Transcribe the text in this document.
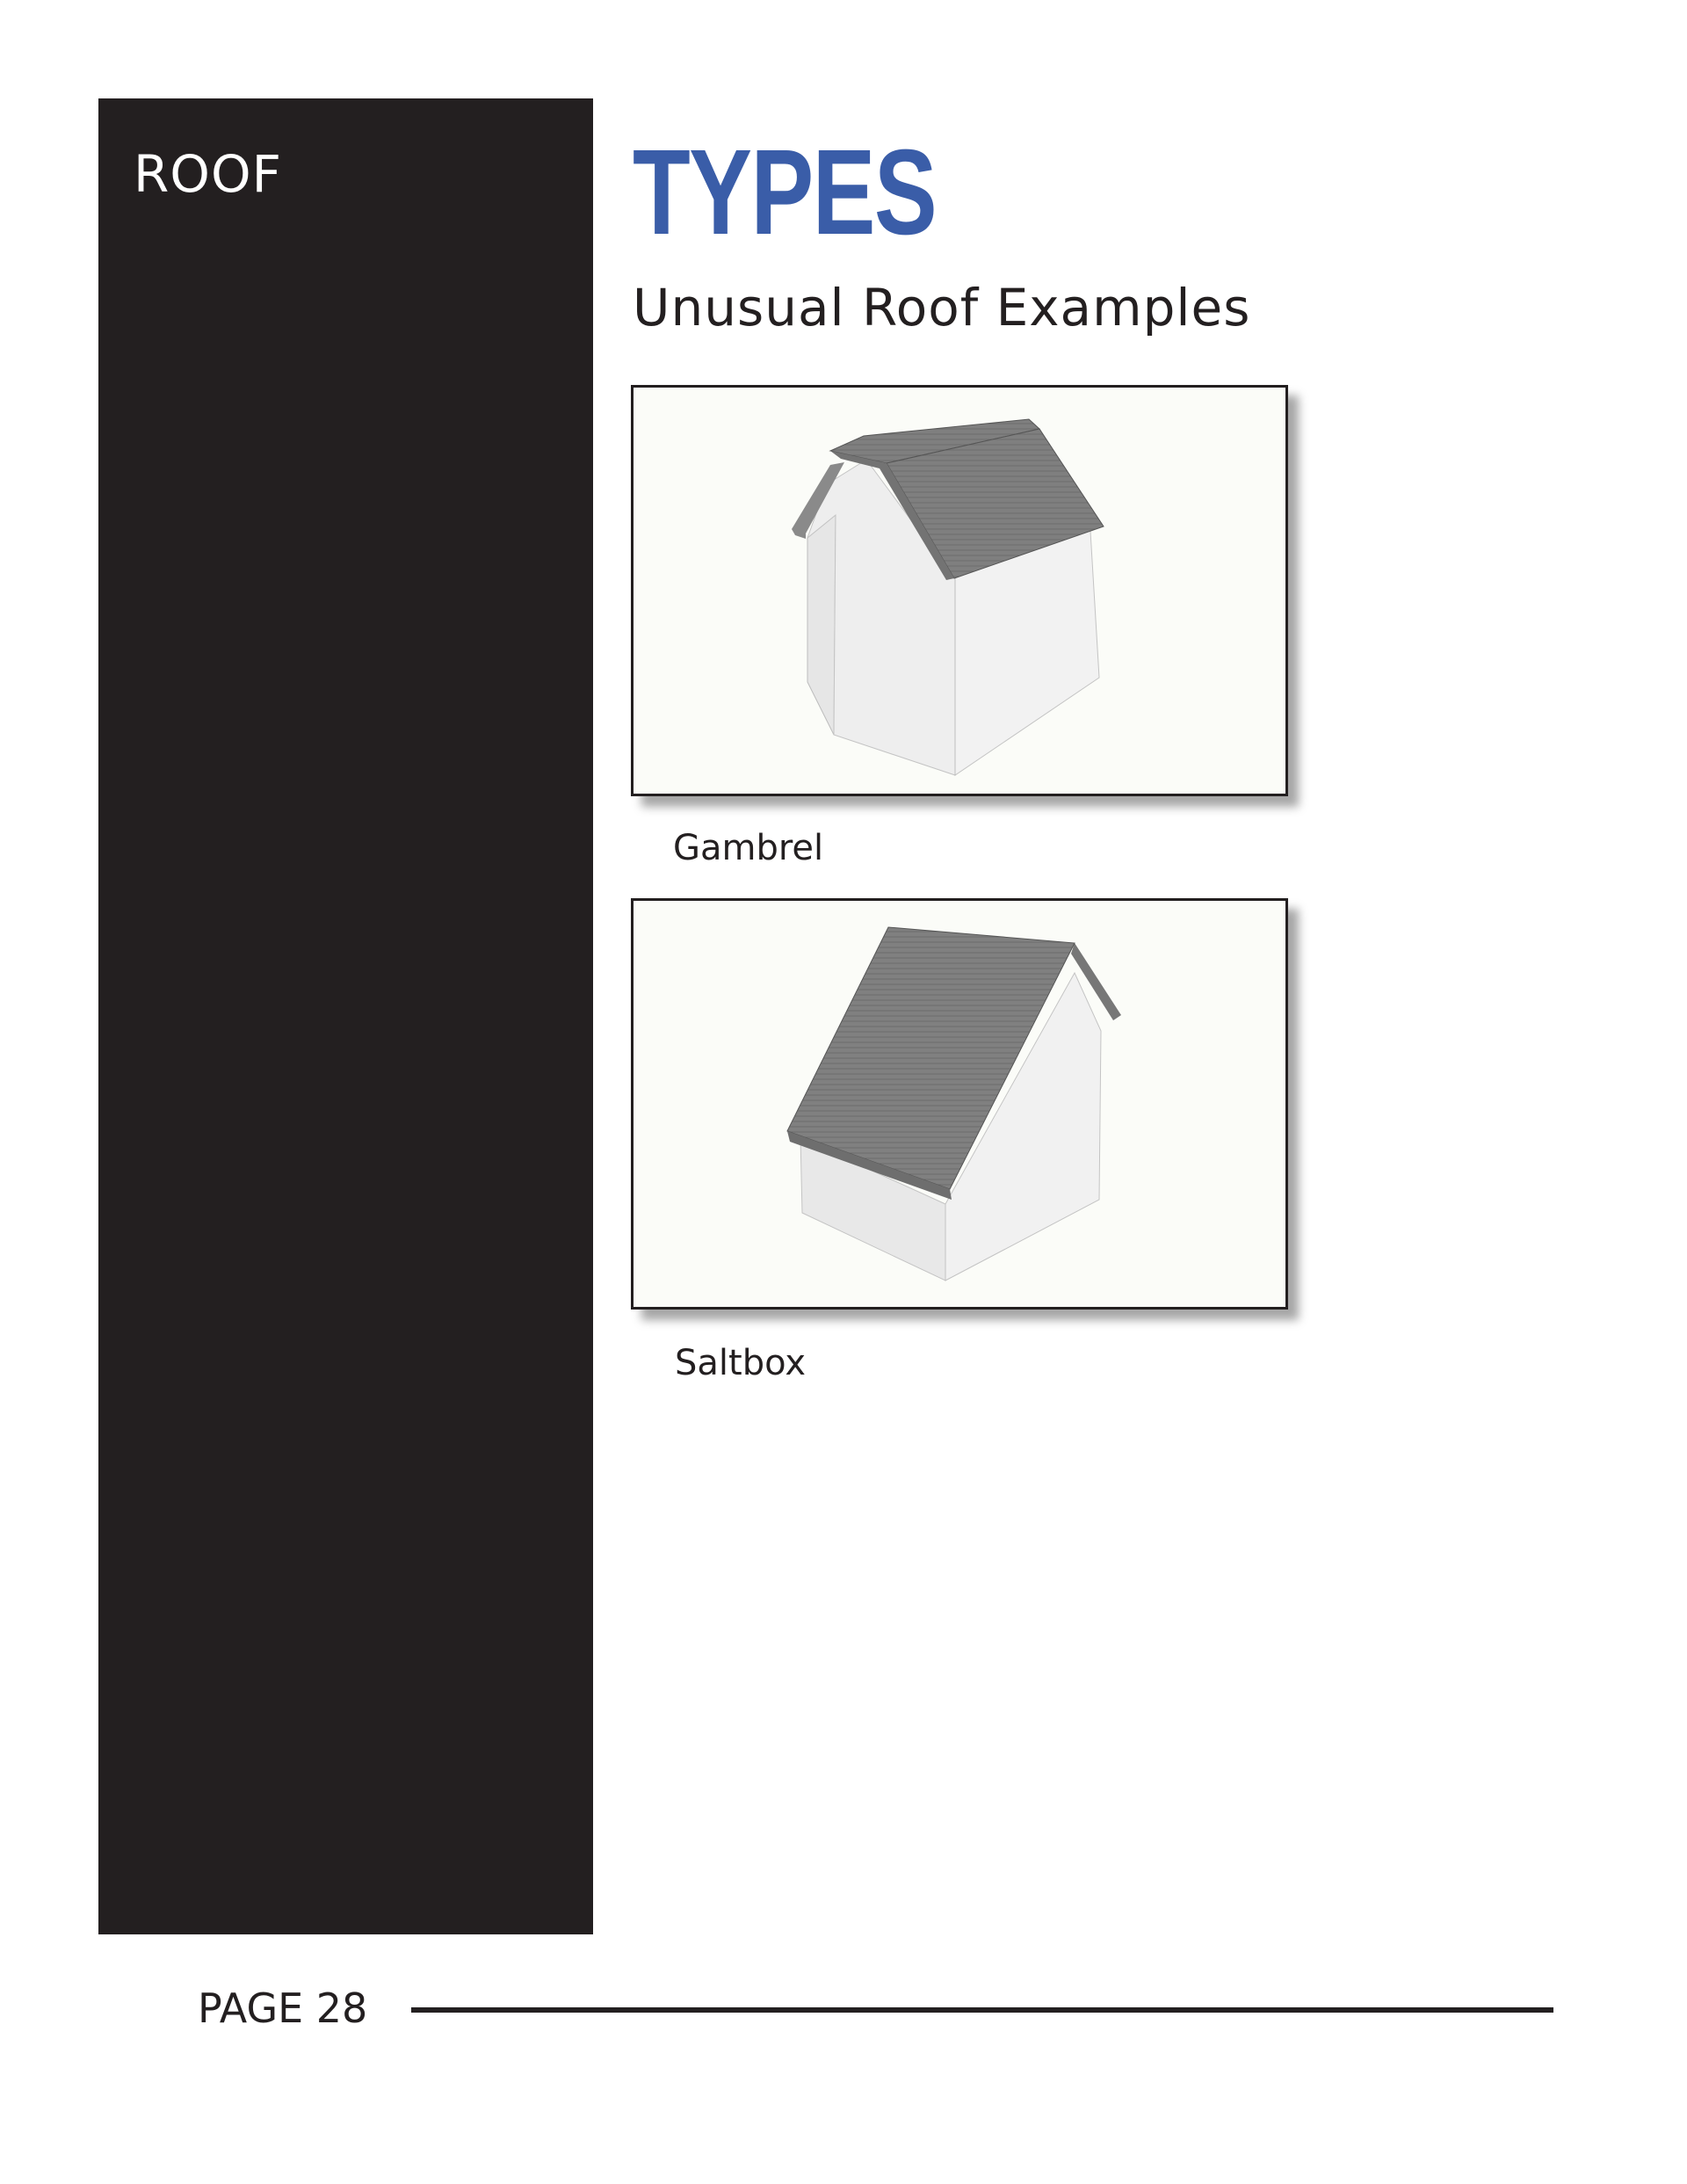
ROOF	TYPES
Unusual Roof Examples
Gambrel
Saltbox
PAGE 28
